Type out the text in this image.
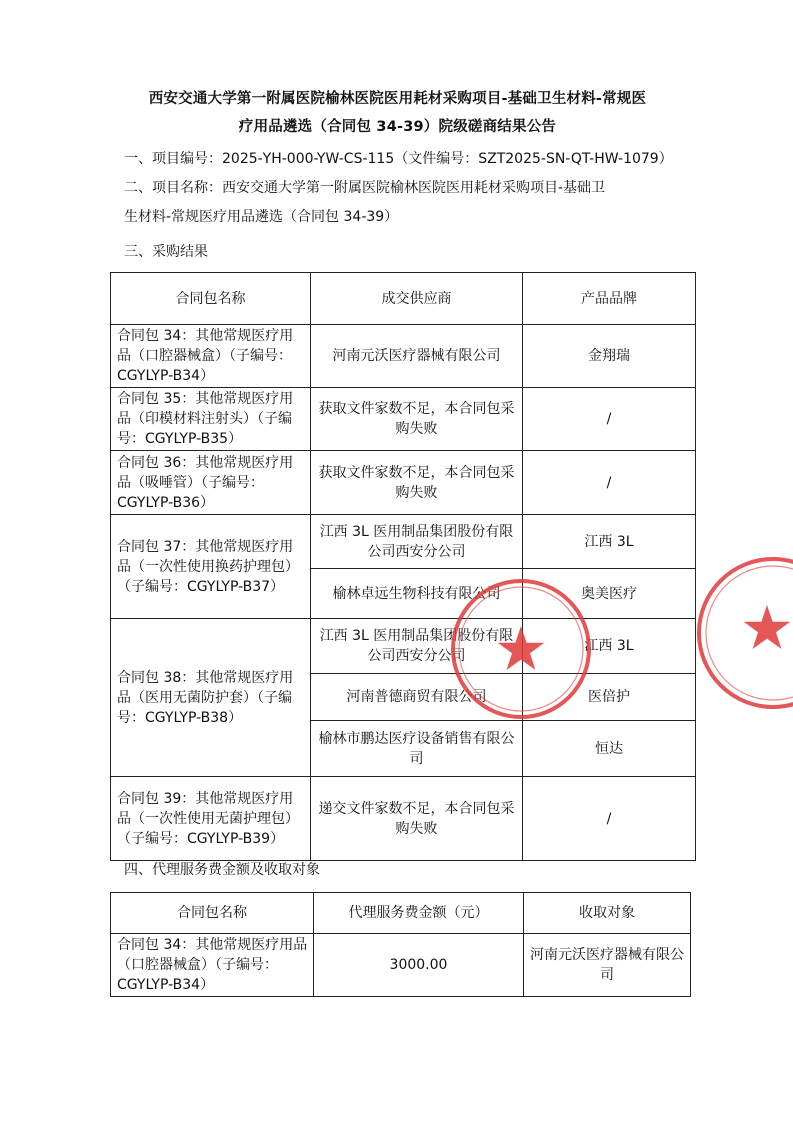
西安交通大学第一附属医院榆林医院医用耗材采购项目-基础卫生材料-常规医
疗用品遴选（合同包 34-39）院级磋商结果公告
一、项目编号：2025-YH-000-YW-CS-115（文件编号：SZT2025-SN-QT-HW-1079）
二、项目名称：西安交通大学第一附属医院榆林医院医用耗材采购项目-基础卫
生材料-常规医疗用品遴选（合同包 34-39）
三、采购结果
合同包名称	成交供应商	产品品牌
合同包 34：其他常规医疗用品（口腔器械盒）（子编号：CGYLYP-B34）	河南元沃医疗器械有限公司	金翔瑞
合同包 35：其他常规医疗用品（印模材料注射头）（子编号：CGYLYP-B35）	获取文件家数不足，本合同包采购失败	/
合同包 36：其他常规医疗用品（吸唾管）（子编号：CGYLYP-B36）	获取文件家数不足，本合同包采购失败	/
合同包 37：其他常规医疗用品（一次性使用换药护理包）（子编号：CGYLYP-B37）	江西 3L 医用制品集团股份有限公司西安分公司	江西 3L
	榆林卓远生物科技有限公司	奥美医疗
合同包 38：其他常规医疗用品（医用无菌防护套）（子编号：CGYLYP-B38）	江西 3L 医用制品集团股份有限公司西安分公司	江西 3L
	河南普德商贸有限公司	医倍护
	榆林市鹏达医疗设备销售有限公司	恒达
合同包 39：其他常规医疗用品（一次性使用无菌护理包）（子编号：CGYLYP-B39）	递交文件家数不足，本合同包采购失败	/
四、代理服务费金额及收取对象
合同包名称	代理服务费金额（元）	收取对象
合同包 34：其他常规医疗用品（口腔器械盒）（子编号：CGYLYP-B34）	3000.00	河南元沃医疗器械有限公司
